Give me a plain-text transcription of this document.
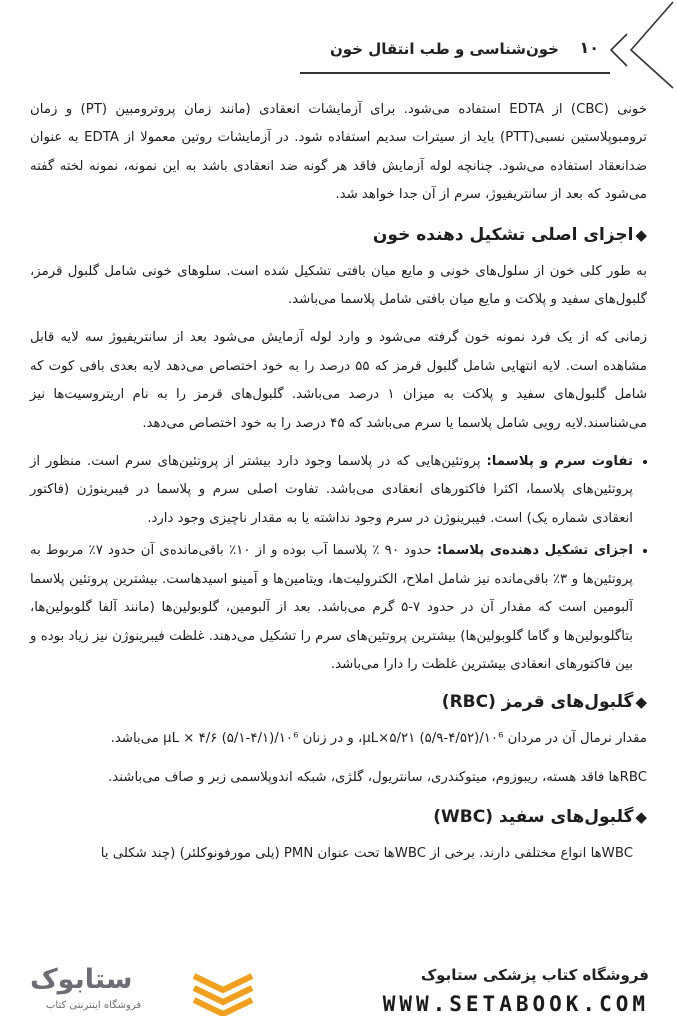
۱۰
خون‌شناسی و طب انتقال خون

خونی (CBC) از EDTA استفاده می‌شود. برای آزمایشات انعقادی (مانند زمان پروترومبین (PT) و زمان ترومبوپلاستین نسبی(PTT) باید از سیترات سدیم استفاده شود. در آزمایشات روتین معمولا از EDTA به عنوان ضدانعقاد استفاده می‌شود. چنانچه لوله آزمایش فاقد هر گونه ضد انعقادی باشد به این نمونه، نمونه لخته گفته می‌شود که بعد از سانتریفیوژ، سرم از آن جدا خواهد شد.

◆اجزای اصلی تشکیل دهنده خون

به طور کلی خون از سلول‌های خونی و مایع میان بافتی تشکیل شده است. سلوهای خونی شامل گلبول قرمز، گلبول‌های سفید و پلاکت و مایع میان بافتی شامل پلاسما می‌باشد.

زمانی که از یک فرد نمونه خون گرفته می‌شود و وارد لوله آزمایش می‌شود بعد از سانتریفیوژ سه لایه قابل مشاهده است. لایه انتهایی شامل گلبول قرمز که ۵۵ درصد را به خود اختصاص می‌دهد لایه بعدی بافی کوت که شامل گلبول‌های سفید و پلاکت به میزان ۱ درصد می‌باشد. گلبول‌های قرمز را به نام اریتروسیت‌ها نیز می‌شناسند.لایه رویی شامل پلاسما یا سرم می‌باشد که ۴۵ درصد را به خود اختصاص می‌دهد.

• تفاوت سرم و پلاسما: پروتئین‌هایی که در پلاسما وجود دارد بیشتر از پروتئین‌های سرم است. منظور از پروتئین‌های پلاسما، اکثرا فاکتورهای انعقادی می‌باشد. تفاوت اصلی سرم و پلاسما در فیبرینوژن (فاکتور انعقادی شماره یک) است. فیبرینوژن در سرم وجود نداشته یا به مقدار ناچیزی وجود دارد.
• اجزای تشکیل دهنده‌ی پلاسما: حدود ۹۰ ٪ پلاسما آب بوده و از ۱۰٪ باقی‌مانده‌ی آن حدود ۷٪ مربوط به پروتئین‌ها و ۳٪ باقی‌مانده نیز شامل املاح، الکترولیت‌ها، ویتامین‌ها و آمینو اسیدهاست. بیشترین پروتئین پلاسما آلبومین است که مقدار آن در حدود ۷-۵ گرم می‌باشد. بعد از آلبومین، گلوبولین‌ها (مانند آلفا گلوبولین‌ها، بتاگلوبولین‌ها و گاما گلوبولین‌ها) بیشترین پروتئین‌های سرم را تشکیل می‌دهند. غلظت فیبرینوژن نیز زیاد بوده و بین فاکتورهای انعقادی بیشترین غلظت را دارا می‌باشد.
◆گلبول‌های قرمز (RBC)

مقدار نرمال آن در مردان ۱۰⁶/µL×۵/۲۱ (۵/۹-۴/۵۲)، و در زنان ۱۰⁶/µL × ۴/۶ (۵/۱-۴/۱) می‌باشد.

RBCها فاقد هسته، ریبوزوم، میتوکندری، سانتریول، گلژی، شبکه اندوپلاسمی زبر و صاف می‌باشند.

◆گلبول‌های سفید (WBC)
• WBCها انواع مختلفی دارند. برخی از WBCها تحت عنوان PMN (پلی مورفونوکلئر) (چند شکلی یا
فروشگاه کتاب پزشکی ستابوک
WWW.SETABOOK.COM
ستابوک
فروشگاه اینترنتی کتاب
